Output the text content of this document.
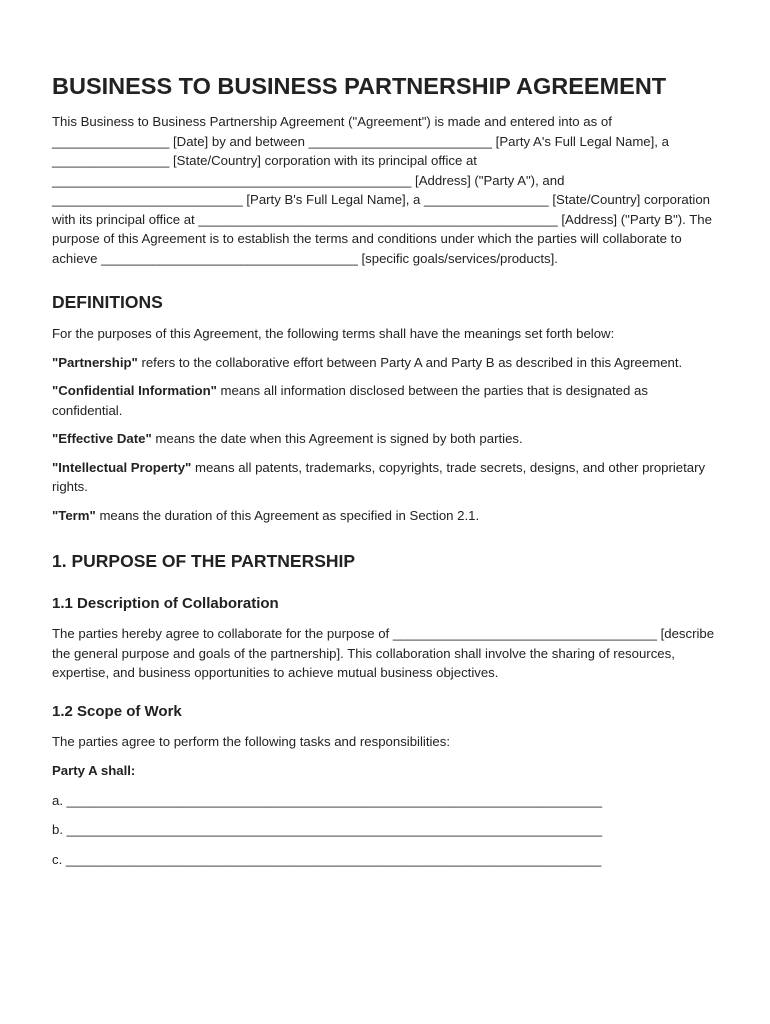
BUSINESS TO BUSINESS PARTNERSHIP AGREEMENT

This Business to Business Partnership Agreement ("Agreement") is made and entered into as of ________________ [Date] by and between _________________________ [Party A's Full Legal Name], a ________________ [State/Country] corporation with its principal office at _________________________________________________ [Address] ("Party A"), and __________________________ [Party B's Full Legal Name], a _________________ [State/Country] corporation with its principal office at _________________________________________________ [Address] ("Party B"). The purpose of this Agreement is to establish the terms and conditions under which the parties will collaborate to achieve ___________________________________ [specific goals/services/products].

DEFINITIONS

For the purposes of this Agreement, the following terms shall have the meanings set forth below:

"Partnership" refers to the collaborative effort between Party A and Party B as described in this Agreement.

"Confidential Information" means all information disclosed between the parties that is designated as confidential.

"Effective Date" means the date when this Agreement is signed by both parties.

"Intellectual Property" means all patents, trademarks, copyrights, trade secrets, designs, and other proprietary rights.

"Term" means the duration of this Agreement as specified in Section 2.1.

1. PURPOSE OF THE PARTNERSHIP
1.1 Description of Collaboration

The parties hereby agree to collaborate for the purpose of ____________________________________ [describe the general purpose and goals of the partnership]. This collaboration shall involve the sharing of resources, expertise, and business opportunities to achieve mutual business objectives.

1.2 Scope of Work

The parties agree to perform the following tasks and responsibilities:

Party A shall:

a. _________________________________________________________________________

b. _________________________________________________________________________

c. _________________________________________________________________________
